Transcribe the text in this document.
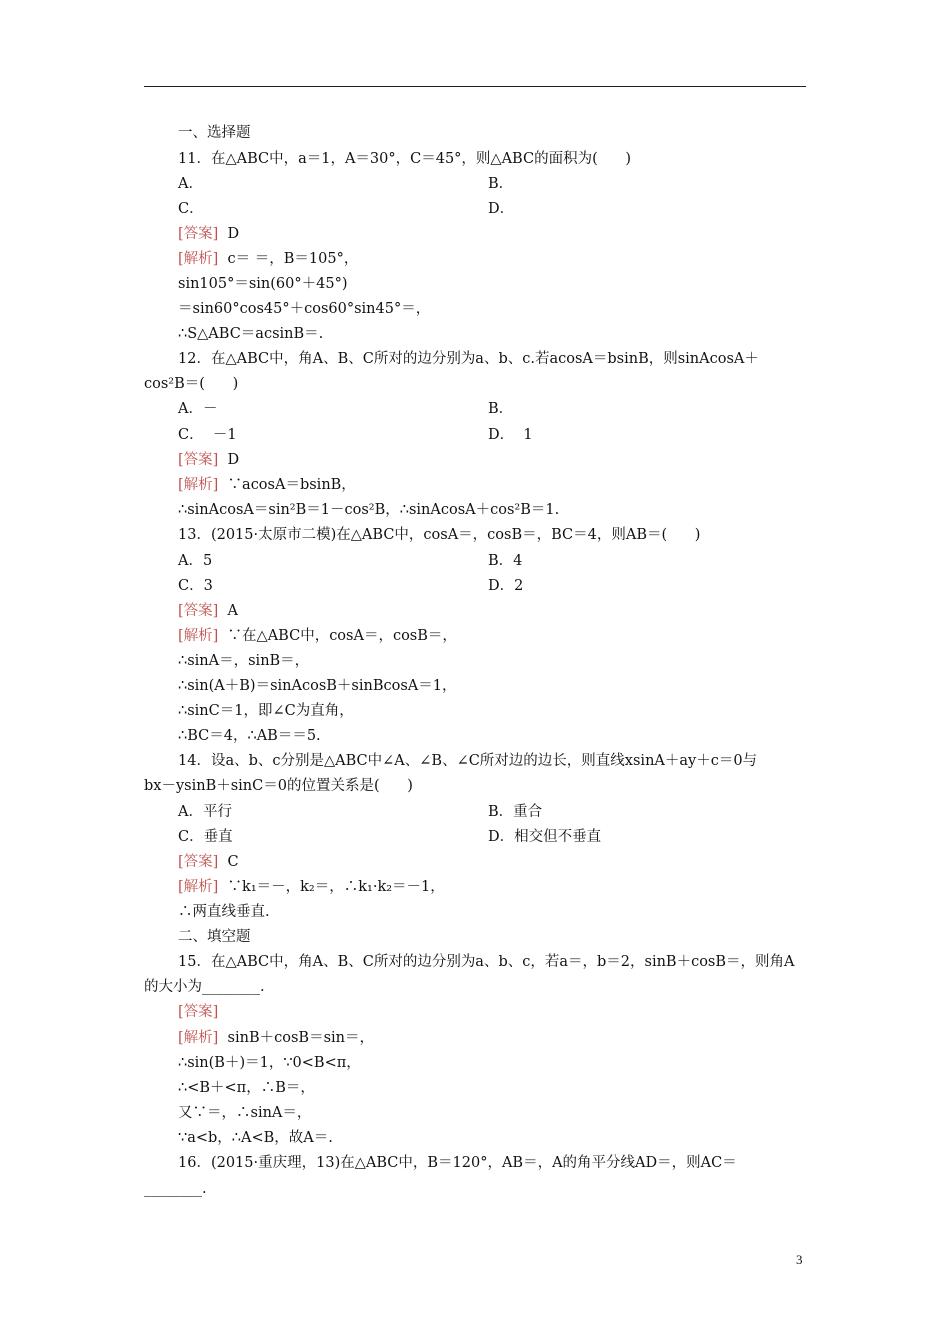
一、选择题
11．在△ABC中，a＝1，A＝30°，C＝45°，则△ABC的面积为(      )
A．	B．
C．	D．
[答案]  D
[解析]  c＝ ＝，B＝105°，
sin105°＝sin(60°＋45°)
＝sin60°cos45°＋cos60°sin45°＝，
∴S△ABC＝acsinB＝.
12．在△ABC中，角A、B、C所对的边分别为a、b、c.若acosA＝bsinB，则sinAcosA＋
cos²B＝(      )
A．－	B．
C．  －1	D．  1
[答案]  D
[解析]  ∵acosA＝bsinB，
∴sinAcosA＝sin²B＝1－cos²B，∴sinAcosA＋cos²B＝1.
13．(2015·太原市二模)在△ABC中，cosA＝，cosB＝，BC＝4，则AB＝(      )
A．5	B．4
C．3	D．2
[答案]  A
[解析]  ∵在△ABC中，cosA＝，cosB＝，
∴sinA＝，sinB＝，
∴sin(A＋B)＝sinAcosB＋sinBcosA＝1，
∴sinC＝1，即∠C为直角，
∴BC＝4，∴AB＝＝5.
14．设a、b、c分别是△ABC中∠A、∠B、∠C所对边的边长，则直线xsinA＋ay＋c＝0与
bx－ysinB＋sinC＝0的位置关系是(      )
A．平行	B．重合
C．垂直	D．相交但不垂直
[答案]  C
[解析]  ∵k₁＝－，k₂＝，∴k₁·k₂＝－1，
∴两直线垂直.
二、填空题
15．在△ABC中，角A、B、C所对的边分别为a、b、c，若a＝，b＝2，sinB＋cosB＝，则角A
的大小为________.
[答案]
[解析]  sinB＋cosB＝sin＝，
∴sin(B＋)＝1，∵0<B<π，
∴<B＋<π，∴B＝，
又∵＝，∴sinA＝，
∵a<b，∴A<B，故A＝.
16．(2015·重庆理，13)在△ABC中，B＝120°，AB＝，A的角平分线AD＝，则AC＝
________.
3
